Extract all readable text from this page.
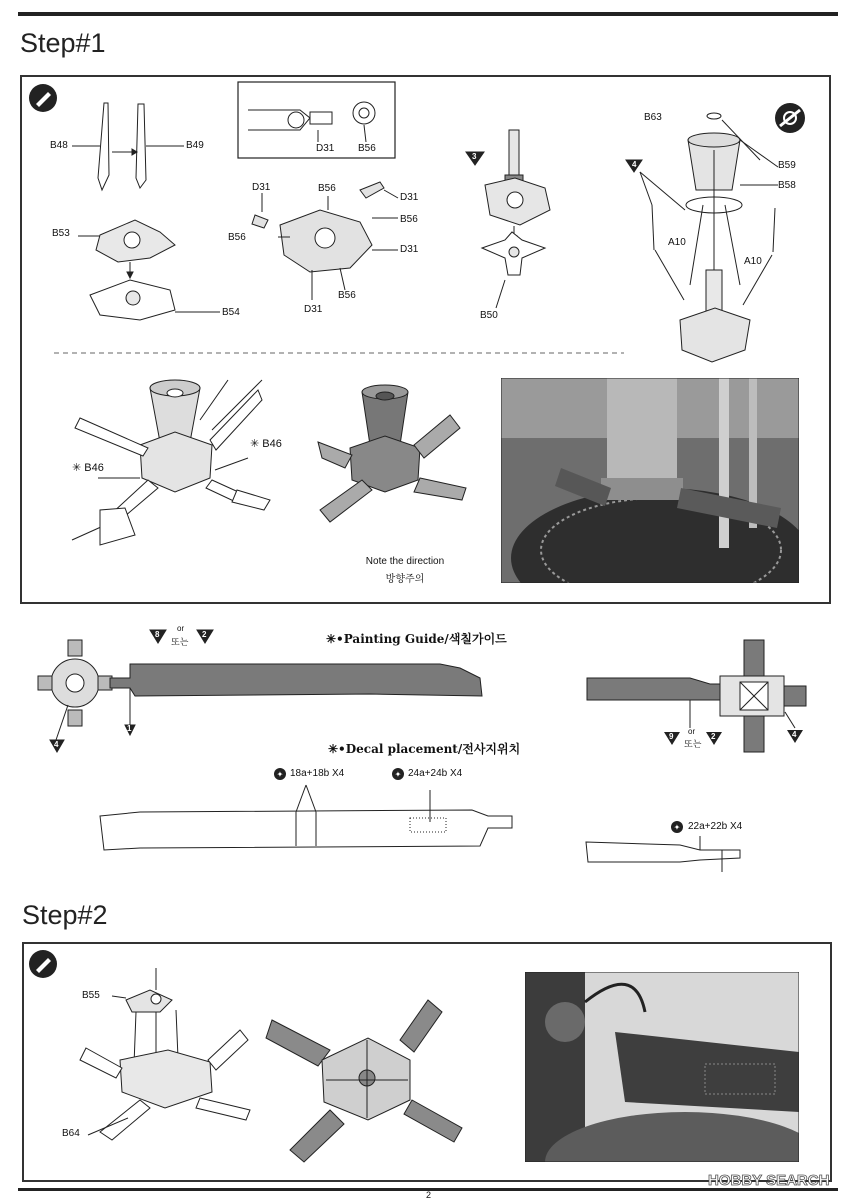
Step#1
✦	✦
✦
B48	B49	D31 B56
B63
B59
B58
A10
A10
B53
B54
D31	B56
D31
B56
B56
D31
B56
D31
B50
3
4
✳ B46
✳ B46
Note the direction
방향주의
✳•Painting Guide/색칠가이드
or
또는
8	2
4
1
9
or
또는
2	4
✳•Decal placement/전사지위치
18a+18b X4	24a+24b X4
22a+22b X4
Step#2
B55
B64
HOBBY SEARCH
2
